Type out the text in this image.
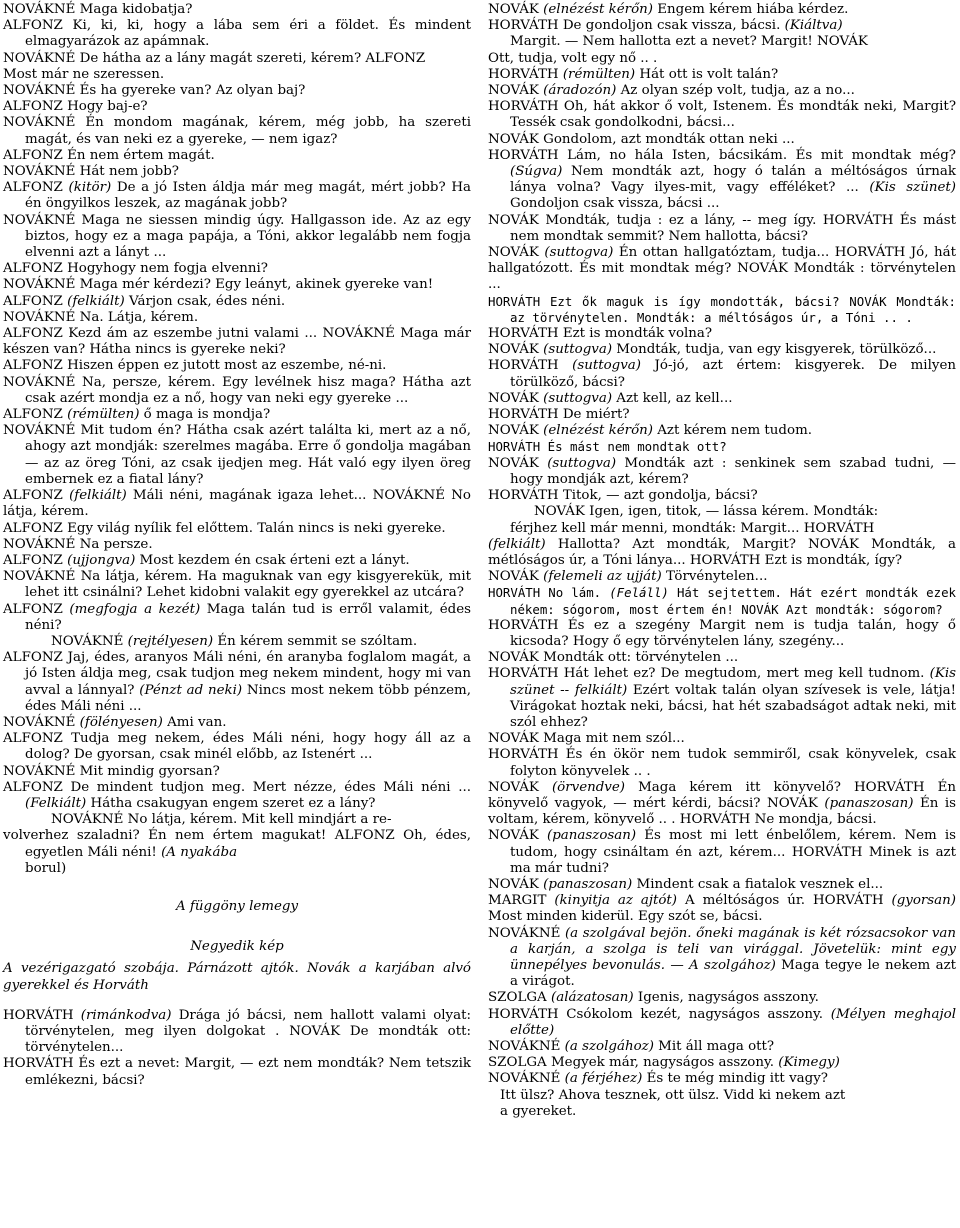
NOVÁKNÉ Maga kidobatja?

ALFONZ Ki, ki, ki, hogy a lába sem éri a földet. És mindent elmagyarázok az apámnak.

NOVÁKNÉ De hátha az a lány magát szereti, kérem? ALFONZ

Most már ne szeressen.

NOVÁKNÉ És ha gyereke van? Az olyan baj?

ALFONZ Hogy baj-e?

NOVÁKNÉ Én mondom magának, kérem, még jobb, ha szereti magát, és van neki ez a gyereke, — nem igaz?

ALFONZ Én nem értem magát.

NOVÁKNÉ Hát nem jobb?

ALFONZ (kitör) De a jó Isten áldja már meg magát, mért jobb? Ha én öngyilkos leszek, az magának jobb?

NOVÁKNÉ Maga ne siessen mindig úgy. Hallgasson ide. Az az egy biztos, hogy ez a maga papája, a Tóni, akkor legalább nem fogja elvenni azt a lányt ...

ALFONZ Hogyhogy nem fogja elvenni?

NOVÁKNÉ Maga mér kérdezi? Egy leányt, akinek gyereke van!

ALFONZ (felkiált) Várjon csak, édes néni.

NOVÁKNÉ Na. Látja, kérem.

ALFONZ Kezd ám az eszembe jutni valami ... NOVÁKNÉ Maga már készen van? Hátha nincs is gyereke neki?

ALFONZ Hiszen éppen ez jutott most az eszembe, né-ni.

NOVÁKNÉ Na, persze, kérem. Egy levélnek hisz maga? Hátha azt csak azért mondja ez a nő, hogy van neki egy gyereke ...

ALFONZ (rémülten) ő maga is mondja?

NOVÁKNÉ Mit tudom én? Hátha csak azért találta ki, mert az a nő, ahogy azt mondják: szerelmes magába. Erre ő gondolja magában — az az öreg Tóni, az csak ijedjen meg. Hát való egy ilyen öreg embernek ez a fiatal lány?

ALFONZ (felkiált) Máli néni, magának igaza lehet... NOVÁKNÉ No látja, kérem.

ALFONZ Egy világ nyílik fel előttem. Talán nincs is neki gyereke.

NOVÁKNÉ Na persze.

ALFONZ (ujjongva) Most kezdem én csak érteni ezt a lányt.

NOVÁKNÉ Na látja, kérem. Ha maguknak van egy kisgyerekük, mit lehet itt csinálni? Lehet kidobni valakit egy gyerekkel az utcára?

ALFONZ (megfogja a kezét) Maga talán tud is erről valamit, édes néni?

NOVÁKNÉ (rejtélyesen) Én kérem semmit se szóltam.

ALFONZ Jaj, édes, aranyos Máli néni, én aranyba foglalom magát, a jó Isten áldja meg, csak tudjon meg nekem mindent, hogy mi van avval a lánnyal? (Pénzt ad neki) Nincs most nekem több pénzem, édes Máli néni ...

NOVÁKNÉ (fölényesen) Ami van.

ALFONZ Tudja meg nekem, édes Máli néni, hogy hogy áll az a dolog? De gyorsan, csak minél előbb, az Istenért ...

NOVÁKNÉ Mit mindig gyorsan?

ALFONZ De mindent tudjon meg. Mert nézze, édes Máli néni ... (Felkiált) Hátha csakugyan engem szeret ez a lány?

NOVÁKNÉ No látja, kérem. Mit kell mindjárt a re-

volverhez szaladni? Én nem értem magukat! ALFONZ Oh, édes, egyetlen Máli néni! (A nyakába

borul)

A függöny lemegy

Negyedik kép

A vezérigazgató szobája. Párnázott ajtók. Novák a karjában alvó gyerekkel és Horváth

HORVÁTH (rimánkodva) Drága jó bácsi, nem hallott valami olyat: törvénytelen, meg ilyen dolgokat . NOVÁK De mondták ott: törvénytelen...

HORVÁTH És ezt a nevet: Margit, — ezt nem mondták? Nem tetszik emlékezni, bácsi?

NOVÁK (elnézést kérőn) Engem kérem hiába kérdez.

HORVÁTH De gondoljon csak vissza, bácsi. (Kiáltva)

Margit. — Nem hallotta ezt a nevet? Margit! NOVÁK

Ott, tudja, volt egy nő .. .

HORVÁTH (rémülten) Hát ott is volt talán?

NOVÁK (áradozón) Az olyan szép volt, tudja, az a no...

HORVÁTH Oh, hát akkor ő volt, Istenem. És mondták neki, Margit? Tessék csak gondolkodni, bácsi...

NOVÁK Gondolom, azt mondták ottan neki ...

HORVÁTH Lám, no hála Isten, bácsikám. És mit mondtak még? (Súgva) Nem mondták azt, hogy ó talán a méltóságos úrnak lánya volna? Vagy ilyes-mit, vagy efféléket? ... (Kis szünet) Gondoljon csak vissza, bácsi ...

NOVÁK Mondták, tudja : ez a lány, -- meg így. HORVÁTH És mást nem mondtak semmit? Nem hallotta, bácsi?

NOVÁK (suttogva) Én ottan hallgatóztam, tudja... HORVÁTH Jó, hát hallgatózott. És mit mondtak még? NOVÁK Mondták : törvénytelen ...

HORVÁTH Ezt ők maguk is így mondották, bácsi? NOVÁK Mondták: az törvénytelen. Mondták: a méltóságos úr, a Tóni .. .

HORVÁTH Ezt is mondták volna?

NOVÁK (suttogva) Mondták, tudja, van egy kisgyerek, törülköző...

HORVÁTH (suttogva) Jó-jó, azt értem: kisgyerek. De milyen törülköző, bácsi?

NOVÁK (suttogva) Azt kell, az kell...

HORVÁTH De miért?

NOVÁK (elnézést kérőn) Azt kérem nem tudom.

HORVÁTH És mást nem mondtak ott?

NOVÁK (suttogva) Mondták azt : senkinek sem szabad tudni, — hogy mondják azt, kérem?

HORVÁTH Titok, — azt gondolja, bácsi?

NOVÁK Igen, igen, titok, — lássa kérem. Mondták:

férjhez kell már menni, mondták: Margit... HORVÁTH

(felkiált) Hallotta? Azt mondták, Margit? NOVÁK Mondták, a métlóságos úr, a Tóni lánya... HORVÁTH Ezt is mondták, így?

NOVÁK (felemeli az ujját) Törvénytelen...

HORVÁTH No lám. (Feláll) Hát sejtettem. Hát ezért mondták ezek nékem: sógorom, most értem én! NOVÁK Azt mondták: sógorom?

HORVÁTH És ez a szegény Margit nem is tudja talán, hogy ő kicsoda? Hogy ő egy törvénytelen lány, szegény...

NOVÁK Mondták ott: törvénytelen ...

HORVÁTH Hát lehet ez? De megtudom, mert meg kell tudnom. (Kis szünet -- felkiált) Ezért voltak talán olyan szívesek is vele, látja! Virágokat hoztak neki, bácsi, hat hét szabadságot adtak neki, mit szól ehhez?

NOVÁK Maga mit nem szól...

HORVÁTH És én ökör nem tudok semmiről, csak könyvelek, csak folyton könyvelek .. .

NOVÁK (örvendve) Maga kérem itt könyvelő? HORVÁTH Én könyvelő vagyok, — mért kérdi, bácsi? NOVÁK (panaszosan) Én is voltam, kérem, könyvelő .. . HORVÁTH Ne mondja, bácsi.

NOVÁK (panaszosan) És most mi lett énbelőlem, kérem. Nem is tudom, hogy csináltam én azt, kérem... HORVÁTH Minek is azt ma már tudni?

NOVÁK (panaszosan) Mindent csak a fiatalok vesznek el...

MARGIT (kinyitja az ajtót) A méltóságos úr. HORVÁTH (gyorsan) Most minden kiderül. Egy szót se, bácsi.

NOVÁKNÉ (a szolgával bejön. őneki magának is két rózsacsokor van a karján, a szolga is teli van virággal. Jövetelük: mint egy ünnepélyes bevonulás. — A szolgához) Maga tegye le nekem azt a virágot.

SZOLGA (alázatosan) Igenis, nagyságos asszony.

HORVÁTH Csókolom kezét, nagyságos asszony. (Mélyen meghajol előtte)

NOVÁKNÉ (a szolgához) Mit áll maga ott?

SZOLGA Megyek már, nagyságos asszony. (Kimegy)

NOVÁKNÉ (a férjéhez) És te még mindig itt vagy?

Itt ülsz? Ahova tesznek, ott ülsz. Vidd ki nekem azt

a gyereket.
